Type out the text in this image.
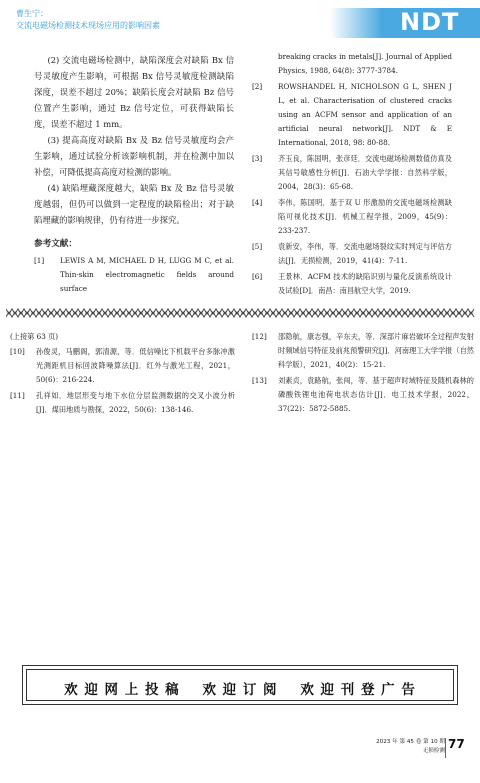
曹生宁：
交流电磁场检测技术现场应用的影响因素	NDT

(2) 交流电磁场检测中，缺陷深度会对缺陷 Bx 信号灵敏度产生影响，可根据 Bx 信号灵敏度检测缺陷深度，误差不超过 20%；缺陷长度会对缺陷 Bz 信号位置产生影响，通过 Bz 信号定位，可获得缺陷长度，误差不超过 1 mm。

(3) 提高高度对缺陷 Bx 及 Bz 信号灵敏度均会产生影响，通过试验分析该影响机制，并在检测中加以补偿，可降低提高高度对检测的影响。

(4) 缺陷埋藏深度越大，缺陷 Bx 及 Bz 信号灵敏度越弱，但仍可以做到一定程度的缺陷检出；对于缺陷埋藏的影响规律，仍有待进一步探究。

参考文献：
[1] LEWIS A M, MICHAEL D H, LUGG M C, et al. Thin-skin electromagnetic fields around surface
breaking cracks in metals[J]. Journal of Applied Physics, 1988, 64(8): 3777-3784.
[2] ROWSHANDEL H, NICHOLSON G L, SHEN J L, et al. Characterisation of clustered cracks using an ACFM sensor and application of an artificial neural network[J]. NDT & E International, 2018, 98: 80-88.
[3] 齐玉良，陈国明，张彦廷．交流电磁场检测数值仿真及其信号敏感性分析[J]．石油大学学报：自然科学版，2004，28(3)：65-68.
[4] 李伟，陈国明．基于双 U 形激励的交流电磁场检测缺陷可视化技术[J]．机械工程学报，2009，45(9)：233-237.
[5] 袁新安，李伟，等．交流电磁场裂纹实时判定与评估方法[J]．无损检测，2019，41(4)：7-11.
[6] 王景林．ACFM 技术的缺陷识别与量化反演系统设计及试验[D]．南昌：南昌航空大学，2019.
(上接第 63 页)
[10] 孙俊灵，马鹏阁，郭清源，等．低信噪比下机载平台多脉冲激光测距机目标回波降噪算法[J]．红外与激光工程，2021，50(6)：216-224.
[11] 孔祥如．地层形变与地下水位分层监测数据的交叉小波分析[J]．煤田地质与勘探，2022，50(6)：138-146.
[12] 邵隐航，康志强，辛东夫，等．深部片麻岩破坏全过程声发射时频域信号特征及前兆预警研究[J]．河南理工大学学报（自然科学版），2021，40(2)：15-21.
[13] 刘素贞，袁路航，张闯，等．基于超声时域特征及随机森林的磷酸铁锂电池荷电状态估计[J]．电工技术学报，2022，37(22)：5872-5885.
欢 迎 网 上 投 稿    欢 迎 订 阅    欢 迎 刊 登 广 告
2023 年 第 45 卷 第 10 期
无损检测 77
